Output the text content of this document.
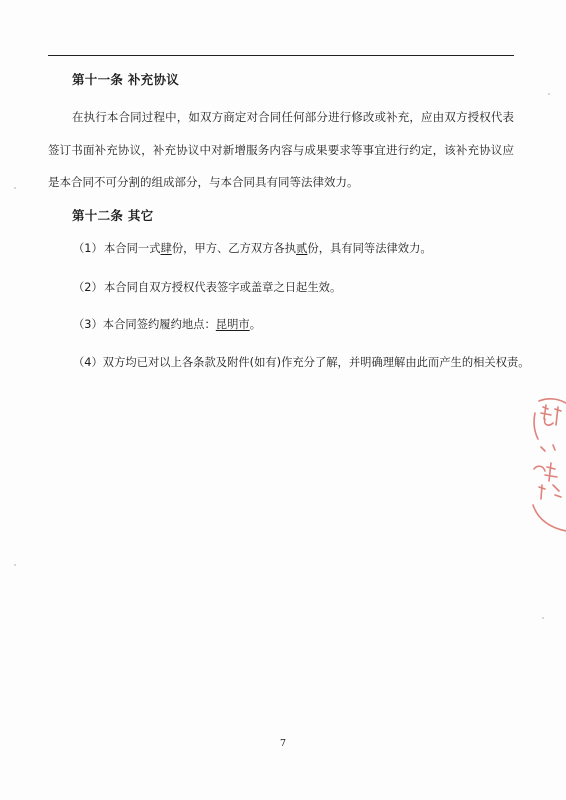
第十一条 补充协议

在执行本合同过程中，如双方商定对合同任何部分进行修改或补充，应由双方授权代表签订书面补充协议，补充协议中对新增服务内容与成果要求等事宜进行约定，该补充协议应是本合同不可分割的组成部分，与本合同具有同等法律效力。

第十二条 其它
（1）本合同一式肆份，甲方、乙方双方各执贰份，具有同等法律效力。
（2）本合同自双方授权代表签字或盖章之日起生效。
（3）本合同签约履约地点：昆明市。
（4）双方均已对以上各条款及附件(如有)作充分了解，并明确理解由此而产生的相关权责。
7
